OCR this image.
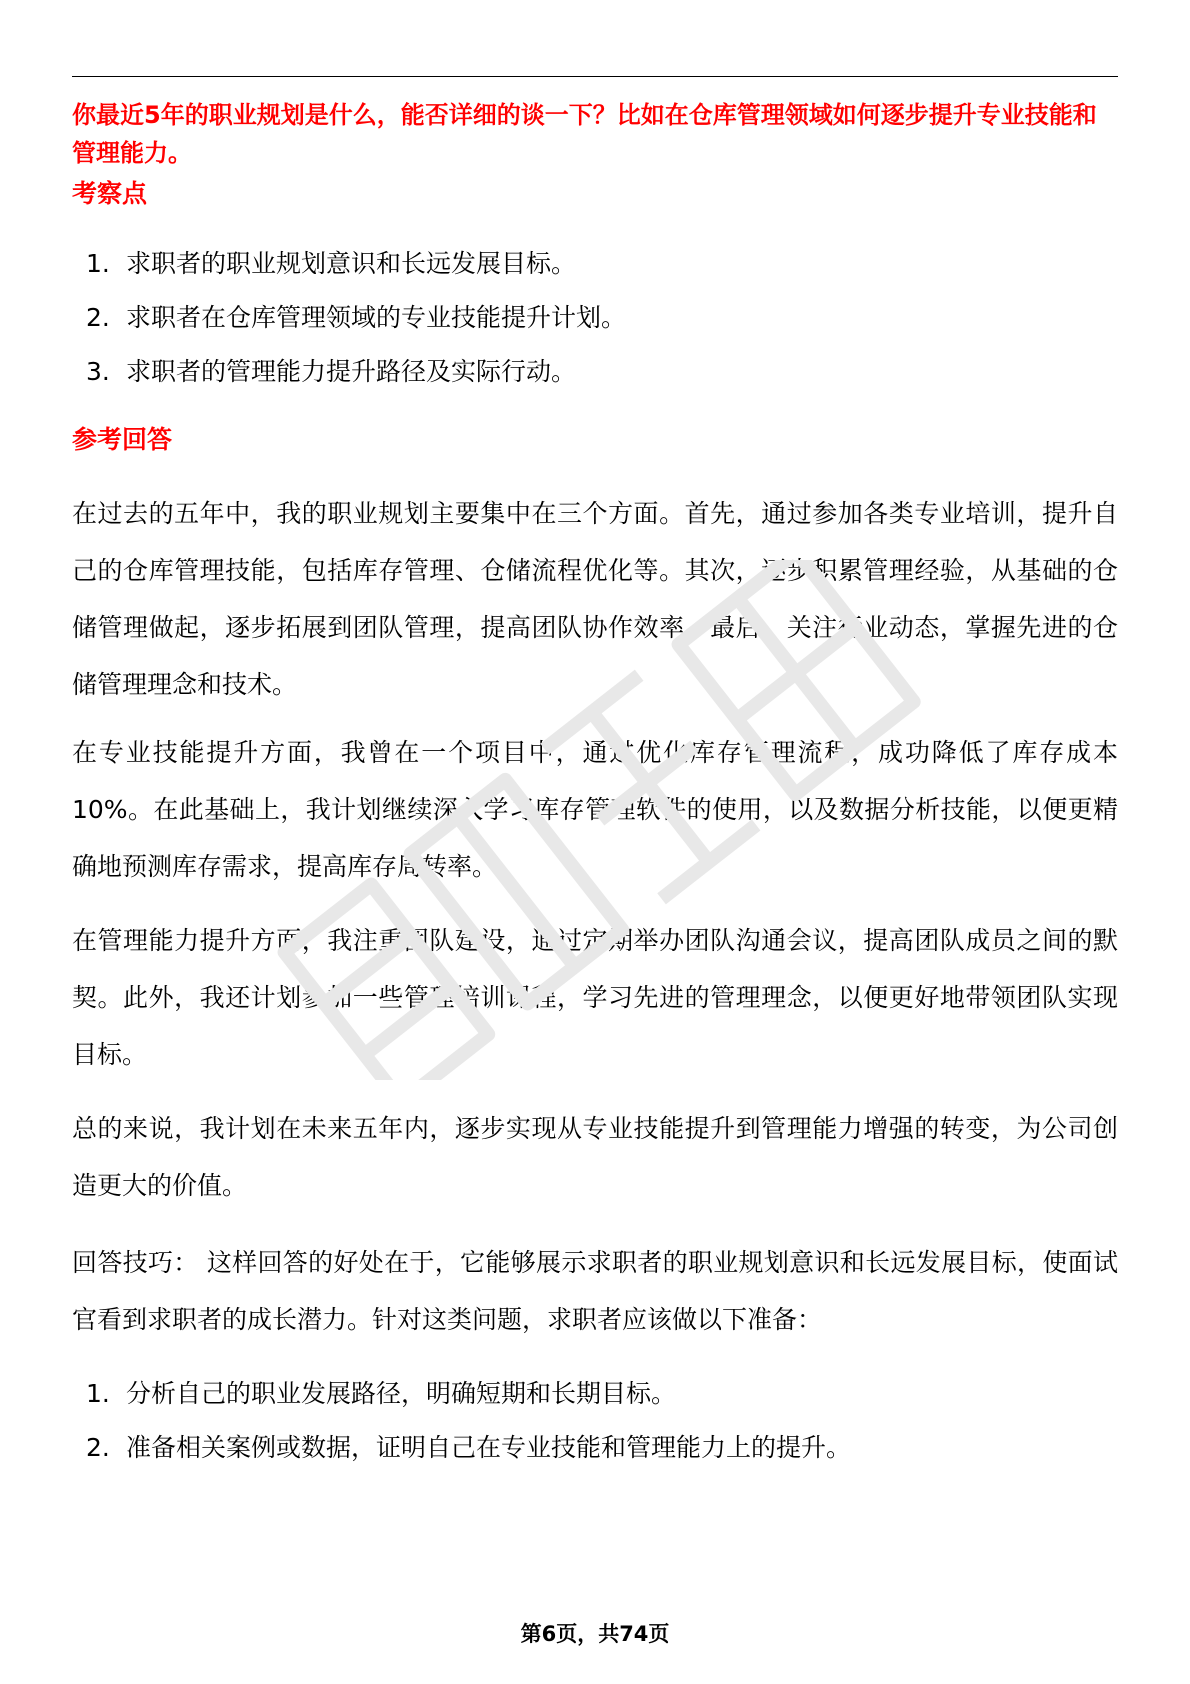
你最近5年的职业规划是什么，能否详细的谈一下？比如在仓库管理领域如何逐步提升专业技能和管理能力。

考察点
1. 求职者的职业规划意识和长远发展目标。
2. 求职者在仓库管理领域的专业技能提升计划。
3. 求职者的管理能力提升路径及实际行动。
参考回答

在过去的五年中，我的职业规划主要集中在三个方面。首先，通过参加各类专业培训，提升自己的仓库管理技能，包括库存管理、仓储流程优化等。其次，逐步积累管理经验，从基础的仓储管理做起，逐步拓展到团队管理，提高团队协作效率。最后，关注行业动态，掌握先进的仓储管理理念和技术。

在专业技能提升方面，我曾在一个项目中，通过优化库存管理流程，成功降低了库存成本10%。在此基础上，我计划继续深入学习库存管理软件的使用，以及数据分析技能，以便更精确地预测库存需求，提高库存周转率。

在管理能力提升方面，我注重团队建设，通过定期举办团队沟通会议，提高团队成员之间的默契。此外，我还计划参加一些管理培训课程，学习先进的管理理念，以便更好地带领团队实现目标。

总的来说，我计划在未来五年内，逐步实现从专业技能提升到管理能力增强的转变，为公司创造更大的价值。

回答技巧： 这样回答的好处在于，它能够展示求职者的职业规划意识和长远发展目标，使面试官看到求职者的成长潜力。针对这类问题，求职者应该做以下准备：

1. 分析自己的职业发展路径，明确短期和长期目标。
2. 准备相关案例或数据，证明自己在专业技能和管理能力上的提升。
第6页，共74页
